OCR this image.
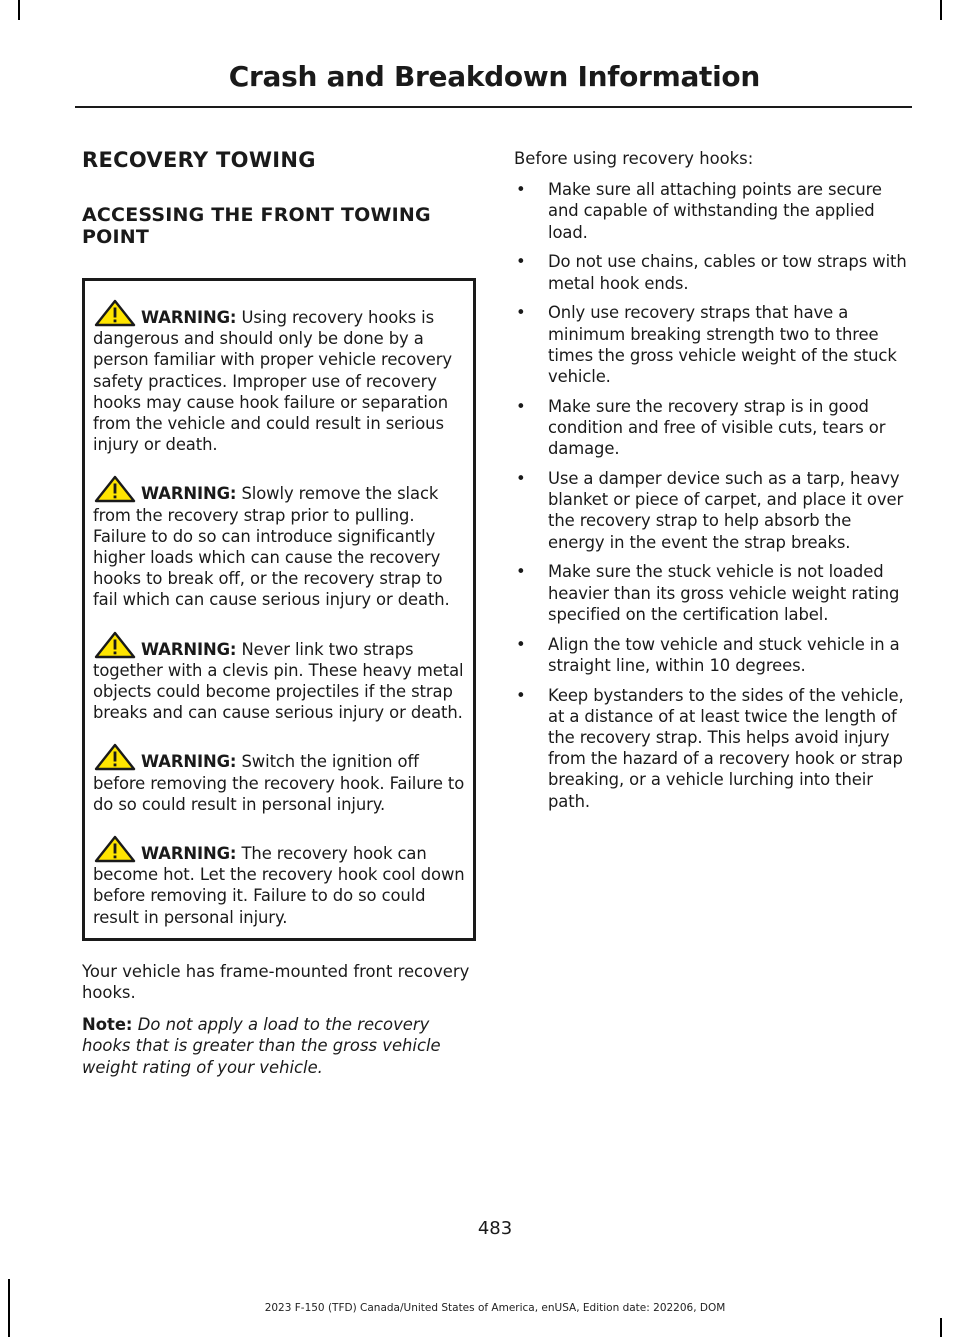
Crash and Breakdown Information
RECOVERY TOWING
ACCESSING THE FRONT TOWING POINT
WARNING: Using recovery hooks is dangerous and should only be done by a person familiar with proper vehicle recovery safety practices. Improper use of recovery hooks may cause hook failure or separation from the vehicle and could result in serious injury or death.
WARNING: Slowly remove the slack from the recovery strap prior to pulling. Failure to do so can introduce significantly higher loads which can cause the recovery hooks to break off, or the recovery strap to fail which can cause serious injury or death.
WARNING: Never link two straps together with a clevis pin. These heavy metal objects could become projectiles if the strap breaks and can cause serious injury or death.
WARNING: Switch the ignition off before removing the recovery hook. Failure to do so could result in personal injury.
WARNING: The recovery hook can become hot. Let the recovery hook cool down before removing it. Failure to do so could result in personal injury.
Your vehicle has frame-mounted front recovery hooks.
Note: Do not apply a load to the recovery hooks that is greater than the gross vehicle weight rating of your vehicle.
Before using recovery hooks:
• Make sure all attaching points are secure and capable of withstanding the applied load.
• Do not use chains, cables or tow straps with metal hook ends.
• Only use recovery straps that have a minimum breaking strength two to three times the gross vehicle weight of the stuck vehicle.
• Make sure the recovery strap is in good condition and free of visible cuts, tears or damage.
• Use a damper device such as a tarp, heavy blanket or piece of carpet, and place it over the recovery strap to help absorb the energy in the event the strap breaks.
• Make sure the stuck vehicle is not loaded heavier than its gross vehicle weight rating specified on the certification label.
• Align the tow vehicle and stuck vehicle in a straight line, within 10 degrees.
• Keep bystanders to the sides of the vehicle, at a distance of at least twice the length of the recovery strap. This helps avoid injury from the hazard of a recovery hook or strap breaking, or a vehicle lurching into their path.
483
2023 F-150 (TFD) Canada/United States of America, enUSA, Edition date: 202206, DOM
